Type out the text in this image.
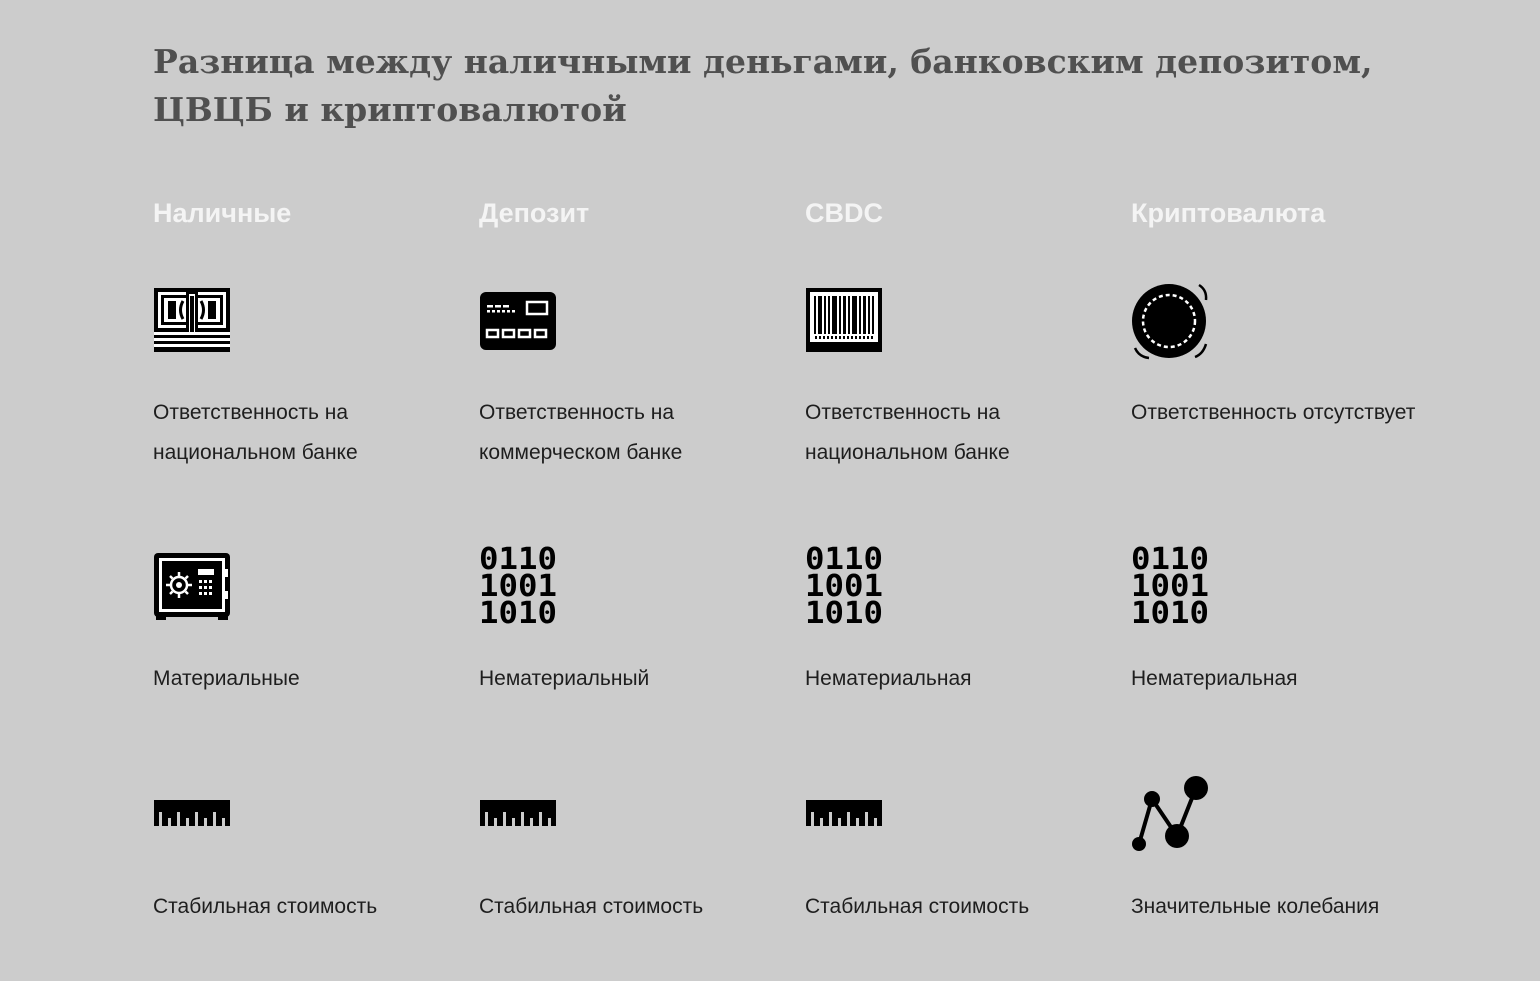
Разница между наличными деньгами, банковским депозитом, ЦВЦБ и криптовалютой
Наличные
Ответственность на национальном банке
Материальные
Стабильная стоимость
Депозит
Ответственность на коммерческом банке
0110
1001
1010
Нематериальный
Стабильная стоимость
CBDC
Ответственность на национальном банке
0110
1001
1010
Нематериальная
Стабильная стоимость
Криптовалюта
Ответственность отсутствует
0110
1001
1010
Нематериальная
Значительные колебания
